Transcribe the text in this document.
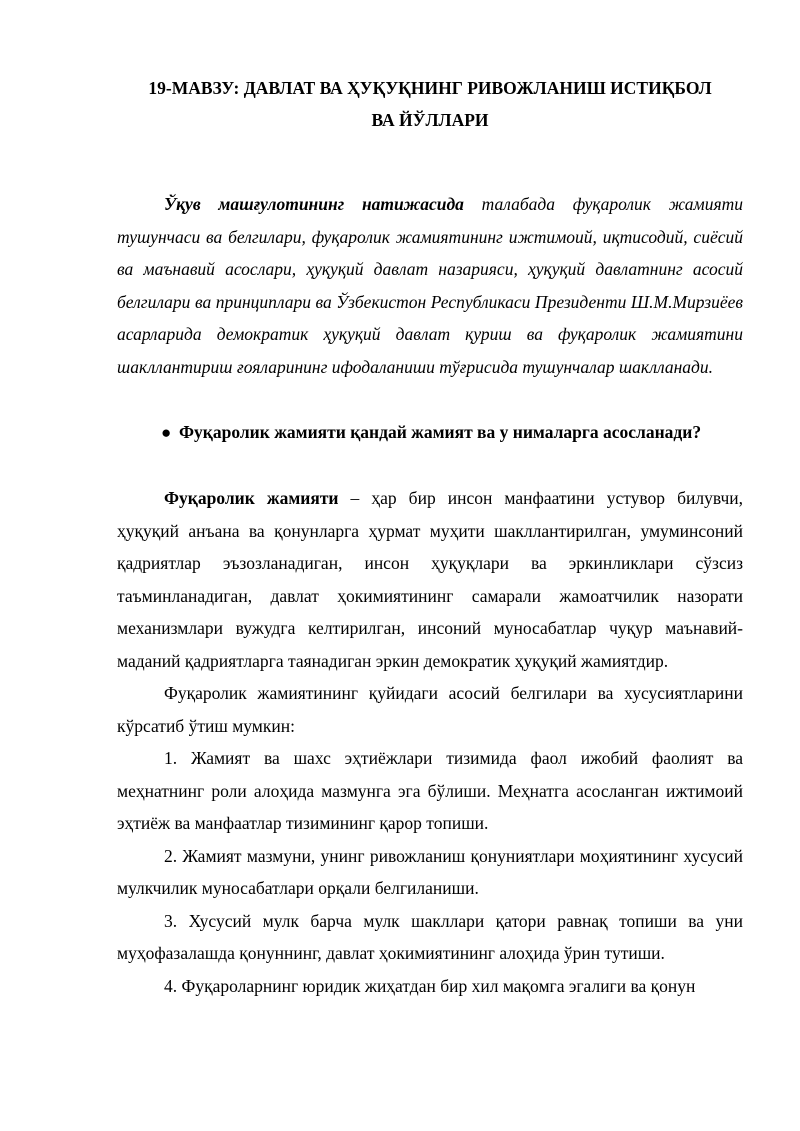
19-МАВЗУ: ДАВЛАТ ВА ҲУҚУҚНИНГ РИВОЖЛАНИШ ИСТИҚБОЛ
ВА ЙЎЛЛАРИ

Ўқув машғулотининг натижасида талабада фуқаролик жамияти тушунчаси ва белгилари, фуқаролик жамиятининг ижтимоий, иқтисодий, сиёсий ва маънавий асослари, ҳуқуқий давлат назарияси, ҳуқуқий давлатнинг асосий белгилари ва принциплари ва Ўзбекистон Республикаси Президенти Ш.М.Мирзиёев асарларида демократик ҳуқуқий давлат қуриш ва фуқаролик жамиятини шакллантириш ғояларининг ифодаланиши тўғрисида тушунчалар шаклланади.

● Фуқаролик жамияти қандай жамият ва у нималарга асосланади?

Фуқаролик жамияти – ҳар бир инсон манфаатини устувор билувчи, ҳуқуқий анъана ва қонунларга ҳурмат муҳити шакллантирилган, умуминсоний қадриятлар эъзозланадиган, инсон ҳуқуқлари ва эркинликлари сўзсиз таъминланадиган, давлат ҳокимиятининг самарали жамоатчилик назорати механизмлари вужудга келтирилган, инсоний муносабатлар чуқур маънавий-маданий қадриятларга таянадиган эркин демократик ҳуқуқий жамиятдир.

Фуқаролик жамиятининг қуйидаги асосий белгилари ва хусусиятларини кўрсатиб ўтиш мумкин:

1. Жамият ва шахс эҳтиёжлари тизимида фаол ижобий фаолият ва меҳнатнинг роли алоҳида мазмунга эга бўлиши. Меҳнатга асосланган ижтимоий эҳтиёж ва манфаатлар тизимининг қарор топиши.

2. Жамият мазмуни, унинг ривожланиш қонуниятлари моҳиятининг хусусий мулкчилик муносабатлари орқали белгиланиши.

3. Хусусий мулк барча мулк шакллари қатори равнақ топиши ва уни муҳофазалашда қонуннинг, давлат ҳокимиятининг алоҳида ўрин тутиши.

4. Фуқароларнинг юридик жиҳатдан бир хил мақомга эгалиги ва қонун
